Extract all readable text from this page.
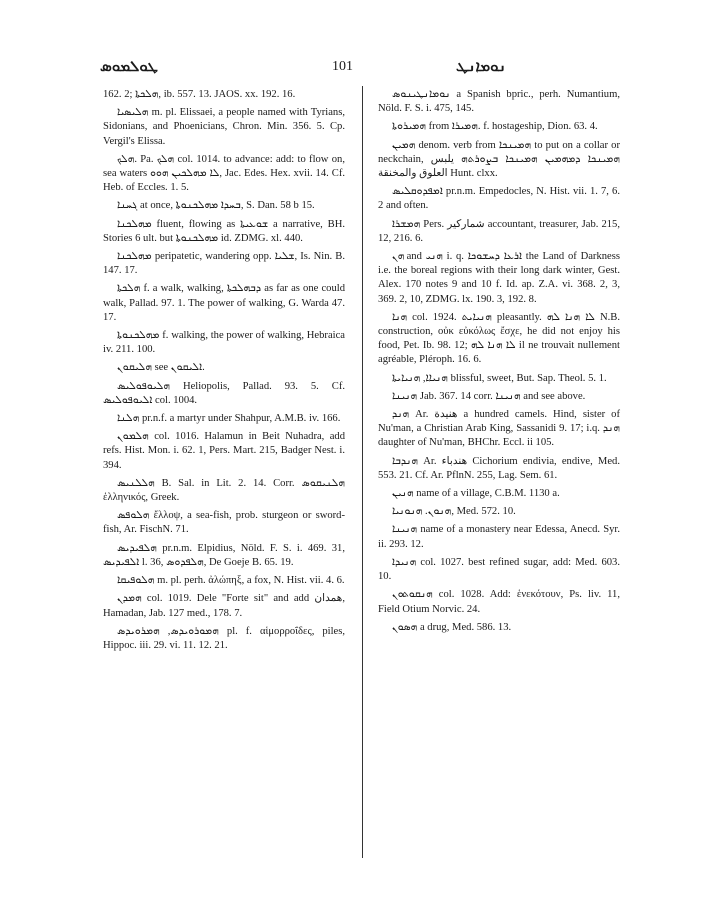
ܛܘܠܡܘܣ	101	ܢܘܡܐܢܛ

162. 2; ܗܠܟܬܐ, ib. 557. 13. JAOS. xx. 192. 16.

ܗܠܝܣܝܐ m. pl. Elissaei, a people named with Tyrians, Sidonians, and Phoenicians, Chron. Min. 356. 5. Cp. Vergil's Elissa.

ܗܠܟ. Pa. ܗܠܟ col. 1014. to advance: add: to flow on, sea waters ܠܐ ܡܗܠܟܝܢ ܗܘܘ, Jac. Edes. Hex. xvii. 14. Cf. Heb. of Eccles. 1. 5.

ܓܚܢܐ at once, ܒܚܕܐ ܡܗܠܟܢܘܬܐ, S. Dan. 58 b 15.

ܡܗܠܟܢܐ fluent, flowing as ܫܘܥܝܬܐ a narrative, BH. Stories 6 ult. but ܡܗܠܟܢܘܬܐ id. ZDMG. xl. 440.

ܡܗܠܟܢܐ peripatetic, wandering opp. ܫܠܝܐ, Is. Nin. B. 147. 17.

ܗܠܟܬܐ f. a walk, walking, ܕܒܗܠܟܬܐ as far as one could walk, Pallad. 97. 1. The power of walking, G. Warda 47. 17.

ܡܗܠܟܢܘܬܐ f. walking, the power of walking, Hebraica iv. 211. 100.

ܗܠܝܩܘܢ see ܐܠܝܩܘܢ.

ܗܠܝܘܦܘܠܝܣ Heliopolis, Pallad. 93. 5. Cf. ܐܠܝܘܦܘܠܝܣ col. 1004.

ܗܠܢܐ pr.n.f. a martyr under Shahpur, A.M.B. iv. 166.

ܗܠܡܘܢ col. 1016. Halamun in Beit Nuhadra, add refs. Hist. Mon. i. 62. 1, Pers. Mart. 215, Badger Nest. i. 394.

ܗܠܠܢܝܣ B. Sal. in Lit. 2. 14. Corr. ܗܠܢܝܩܘܣ ἑλληνικός, Greek.

ܗܠܘܦܣ ἔλλοψ, a sea-fish, prob. sturgeon or sword-fish, Ar. FischN. 71.

ܗܠܦܝܕܝܣ pr.n.m. Elpidius, Nöld. F. S. i. 469. 31, ܐܠܦܝܕܝܣ l. 36, ܗܠܦܕܘܣ, De Goeje B. 65. 19.

ܗܠܘܦܝܩܐ m. pl. perh. ἀλώπηξ, a fox, N. Hist. vii. 4. 6.

ܗܡܕܢ col. 1019. Dele "Forte sit" and add ﻫﻤﺪﺍﻥ, Hamadan, Jab. 127 med., 178. 7.

ܗܡܘܪܘܝܕܣ, ܗܡܪܘܝܕܣ pl. f. αἱμορροΐδες, piles, Hippoc. iii. 29. vi. 11. 12. 21.

ܢܘܡܐܢܛܝܢܘܣ a Spanish bpric., perh. Numantium, Nöld. F. S. i. 475, 145.

ܗܡܝܪܘܬܐ from ܗܡܝܪܐ. f. hostageship, Dion. 63. 4.

ܗܡܝܢ denom. verb from ܗܡܝܢܟܐ to put on a collar or neckchain, ܗܡܝܢܟܐ ܕܡܗܡܝܢ ܗܡܝܢܟܐ ܒܨܘܪܬܗ يلبس العلوق والمخنقة Hunt. clxx.

ܐܡܦܕܘܩܠܝܣ pr.n.m. Empedocles, N. Hist. vii. 1. 7, 6. 2 and often.

ܗܡܫܪܐ Pers. شماركير accountant, treasurer, Jab. 215, 12, 216. 6.

ܗܢ and ܗܢܝ i. q. ܐܪܥܐ ܕܚܫܘܟܐ the Land of Darkness i.e. the boreal regions with their long dark winter, Gest. Alex. 170 notes 9 and 10 f. Id. ap. Z.A. vi. 368. 2, 3, 369. 2, 10, ZDMG. lx. 190. 3, 192. 8.

ܗܢܐ col. 1924. ܗܢܝܐܝܬ pleasantly. ܠܐ ܗܢܐ ܠܗ N.B. construction, οὐκ εὐκόλως ἔσχε, he did not enjoy his food, Pet. Ib. 98. 12; ܠܐ ܗܢܐ ܠܗ il ne trouvait nullement agréable, Pléroph. 16. 6.

ܗܢܝܐܐ, ܗܢܝܐܝܬܐ blissful, sweet, But. Sap. Theol. 5. 1.

ܗܢܝܢܐ Jab. 367. 14 corr. ܗܢܝܢܐ and see above.

ܗܢܕ Ar. هنيدة a hundred camels. Hind, sister of Nu'man, a Christian Arab King, Sassanidi 9. 17; i.q. ܗܢܕ daughter of Nu'man, BHChr. Eccl. ii 105.

ܗܢܕܒܐ Ar. هندباء Cichorium endivia, endive, Med. 553. 21. Cf. Ar. PflnN. 255, Lag. Sem. 61.

ܗܢܝܢ name of a village, C.B.M. 1130 a.

ܗܢܘܢ. ܗܢܘܢܝܐ, Med. 572. 10.

ܗܢܝܢܐ name of a monastery near Edessa, Anecd. Syr. ii. 293. 12.

ܗܢܝܕܐ col. 1027. best refined sugar, add: Med. 603. 10.

ܗܢܩܘܬܘܢ col. 1028. Add: ἑνεκότουν, Ps. liv. 11, Field Otium Norvic. 24.

ܗܣܘܢ a drug, Med. 586. 13.
